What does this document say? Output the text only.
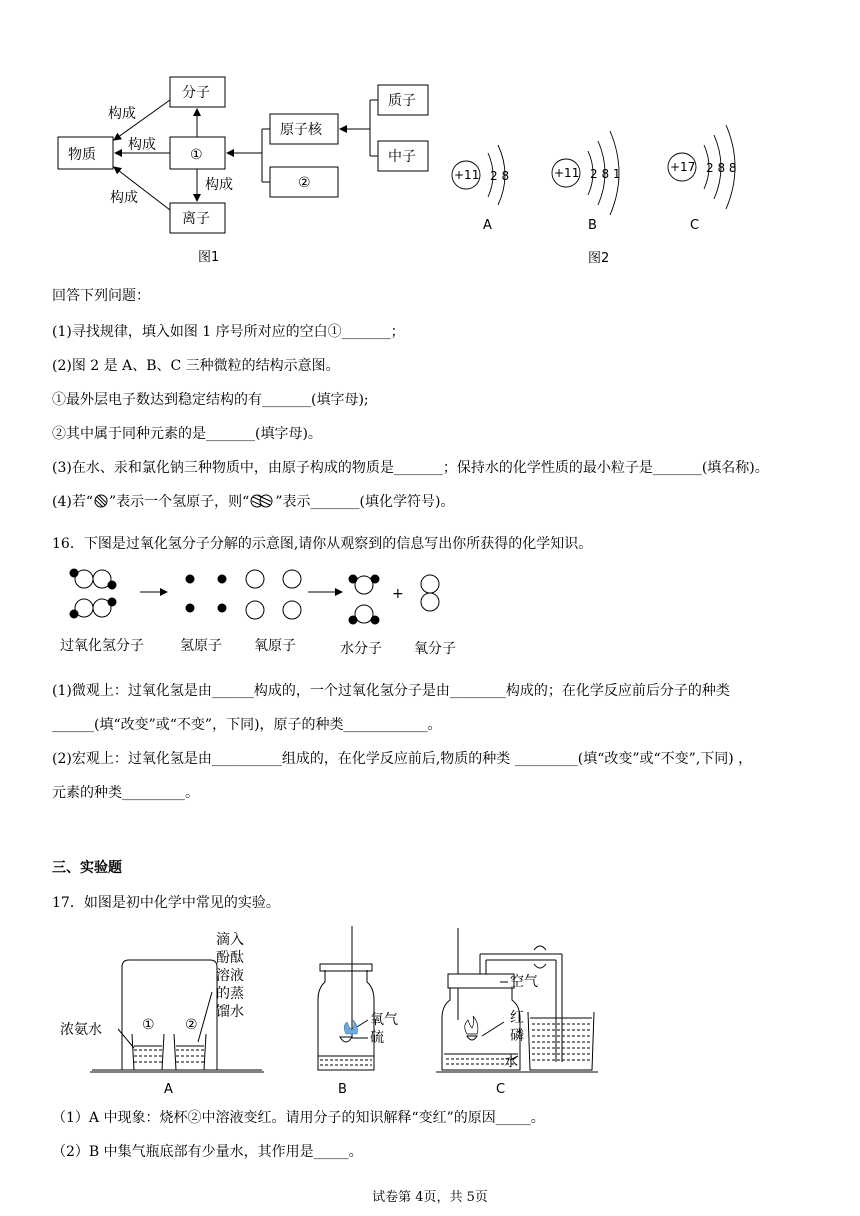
分子
物质	①
离子
原子核
②
质子
中子
构成
构成
构成
构成
图1
+11 2 8
A
+11 2 8 1
B
+17 2 8 8
C
图2
回答下列问题：
(1)寻找规律，填入如图 1 序号所对应的空白①_______；
(2)图 2 是 A、B、C 三种微粒的结构示意图。
①最外层电子数达到稳定结构的有_______(填字母);
②其中属于同种元素的是_______(填字母)。
(3)在水、汞和氯化钠三种物质中，由原子构成的物质是_______；保持水的化学性质的最小粒子是_______(填名称)。
(4)若“ ”表示一个氢原子，则“ ”表示_______(填化学符号)。
16．下图是过氧化氢分子分解的示意图,请你从观察到的信息写出你所获得的化学知识。
+
过氧化氢分子	氢原子 氧原子	水分子 氧分子
(1)微观上：过氧化氢是由______构成的，一个过氧化氢分子是由________构成的；在化学反应前后分子的种类
______(填“改变”或“不变”，下同)，原子的种类____________。
(2)宏观上：过氧化氢是由__________组成的，在化学反应前后,物质的种类 _________(填“改变”或“不变”,下同) ，
元素的种类_________。
三、实验题
17．如图是初中化学中常见的实验。
滴入 酚酞 溶液 的蒸 馏水
浓氨水	① ②
A
氧气
硫
B
空气
红 磷
水
C
（1）A 中现象：烧杯②中溶液变红。请用分子的知识解释“变红”的原因_____。
（2）B 中集气瓶底部有少量水，其作用是_____。
试卷第 4页，共 5页
